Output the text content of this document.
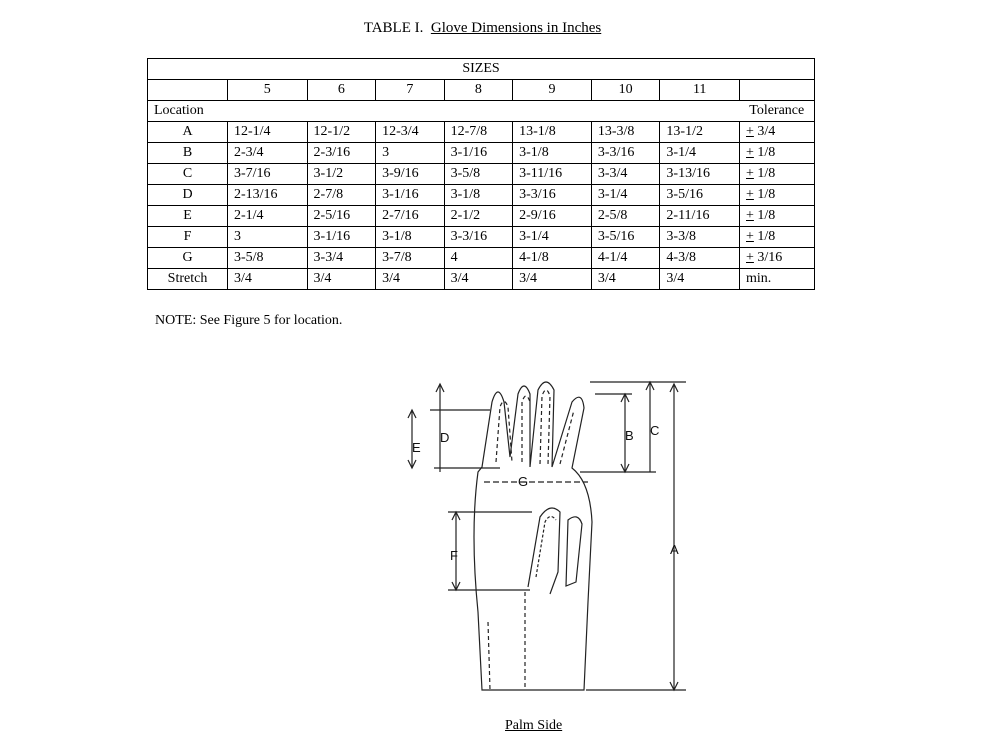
TABLE I. Glove Dimensions in Inches
SIZES								
	5	6	7	8	9	10	11	
Location								Tolerance
A	12-1/4	12-1/2	12-3/4	12-7/8	13-1/8	13-3/8	13-1/2	+ 3/4
B	2-3/4	2-3/16	3	3-1/16	3-1/8	3-3/16	3-1/4	+ 1/8
C	3-7/16	3-1/2	3-9/16	3-5/8	3-11/16	3-3/4	3-13/16	+ 1/8
D	2-13/16	2-7/8	3-1/16	3-1/8	3-3/16	3-1/4	3-5/16	+ 1/8
E	2-1/4	2-5/16	2-7/16	2-1/2	2-9/16	2-5/8	2-11/16	+ 1/8
F	3	3-1/16	3-1/8	3-3/16	3-1/4	3-5/16	3-3/8	+ 1/8
G	3-5/8	3-3/4	3-7/8	4	4-1/8	4-1/4	4-3/8	+ 3/16
Stretch	3/4	3/4	3/4	3/4	3/4	3/4	3/4	min.
NOTE: See Figure 5 for location.
A
B C
D
E
F
G
Palm Side
